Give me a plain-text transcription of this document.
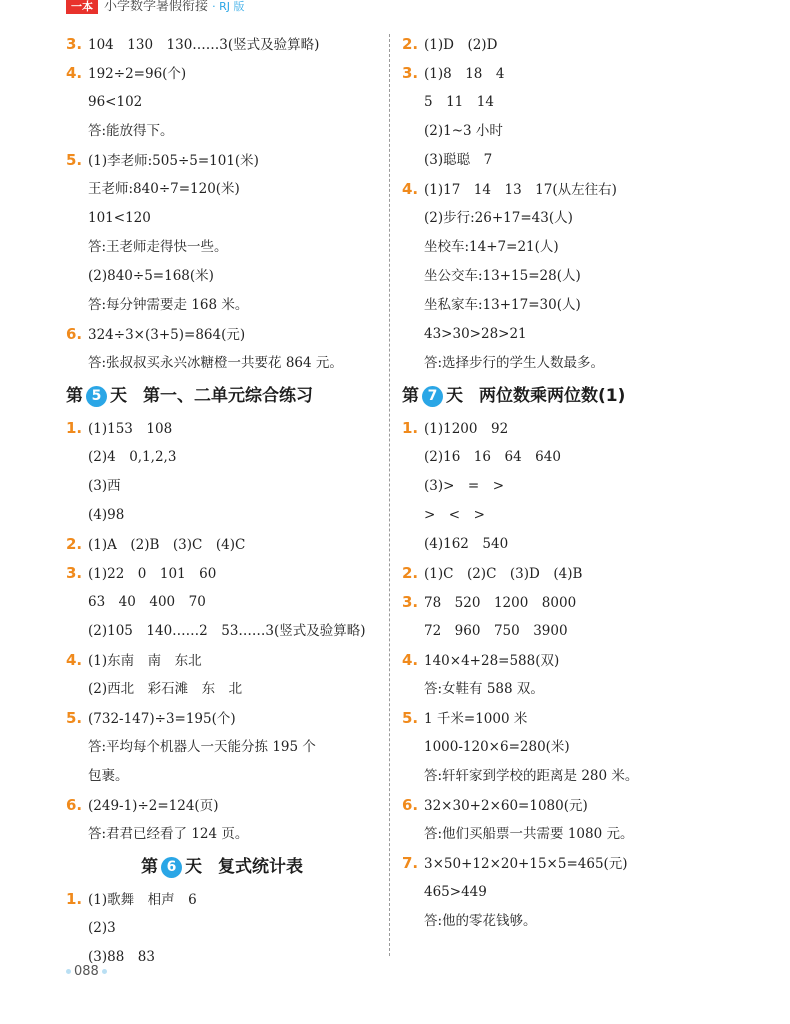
一本 小学数学暑假衔接 · RJ 版
3. 104　130　130……3(竖式及验算略)
4. 192÷2=96(个)
96<102
答:能放得下。
5. (1)李老师:505÷5=101(米)
王老师:840÷7=120(米)
101<120
答:王老师走得快一些。
(2)840÷5=168(米)
答:每分钟需要走 168 米。
6. 324÷3×(3+5)=864(元)
答:张叔叔买永兴冰糖橙一共要花 864 元。
第 5 天 第一、二单元综合练习
1. (1)153　108
(2)4　0,1,2,3
(3)西
(4)98
2. (1)A　(2)B　(3)C　(4)C
3. (1)22　0　101　60
63　40　400　70
(2)105　140……2　53……3(竖式及验算略)
4. (1)东南　南　东北
(2)西北　彩石滩　东　北
5. (732-147)÷3=195(个)
答:平均每个机器人一天能分拣 195 个
包裹。
6. (249-1)÷2=124(页)
答:君君已经看了 124 页。
第 6 天 复式统计表
1. (1)歌舞　相声　6
(2)3
(3)88　83
2. (1)D　(2)D
3. (1)8　18　4
5　11　14
(2)1~3 小时
(3)聪聪　7
4. (1)17　14　13　17(从左往右)
(2)步行:26+17=43(人)
坐校车:14+7=21(人)
坐公交车:13+15=28(人)
坐私家车:13+17=30(人)
43>30>28>21
答:选择步行的学生人数最多。
第 7 天 两位数乘两位数(1)
1. (1)1200　92
(2)16　16　64　640
(3)>　=　>
>　<　>
(4)162　540
2. (1)C　(2)C　(3)D　(4)B
3. 78　520　1200　8000
72　960　750　3900
4. 140×4+28=588(双)
答:女鞋有 588 双。
5. 1 千米=1000 米
1000-120×6=280(米)
答:轩轩家到学校的距离是 280 米。
6. 32×30+2×60=1080(元)
答:他们买船票一共需要 1080 元。
7. 3×50+12×20+15×5=465(元)
465>449
答:他的零花钱够。
088
